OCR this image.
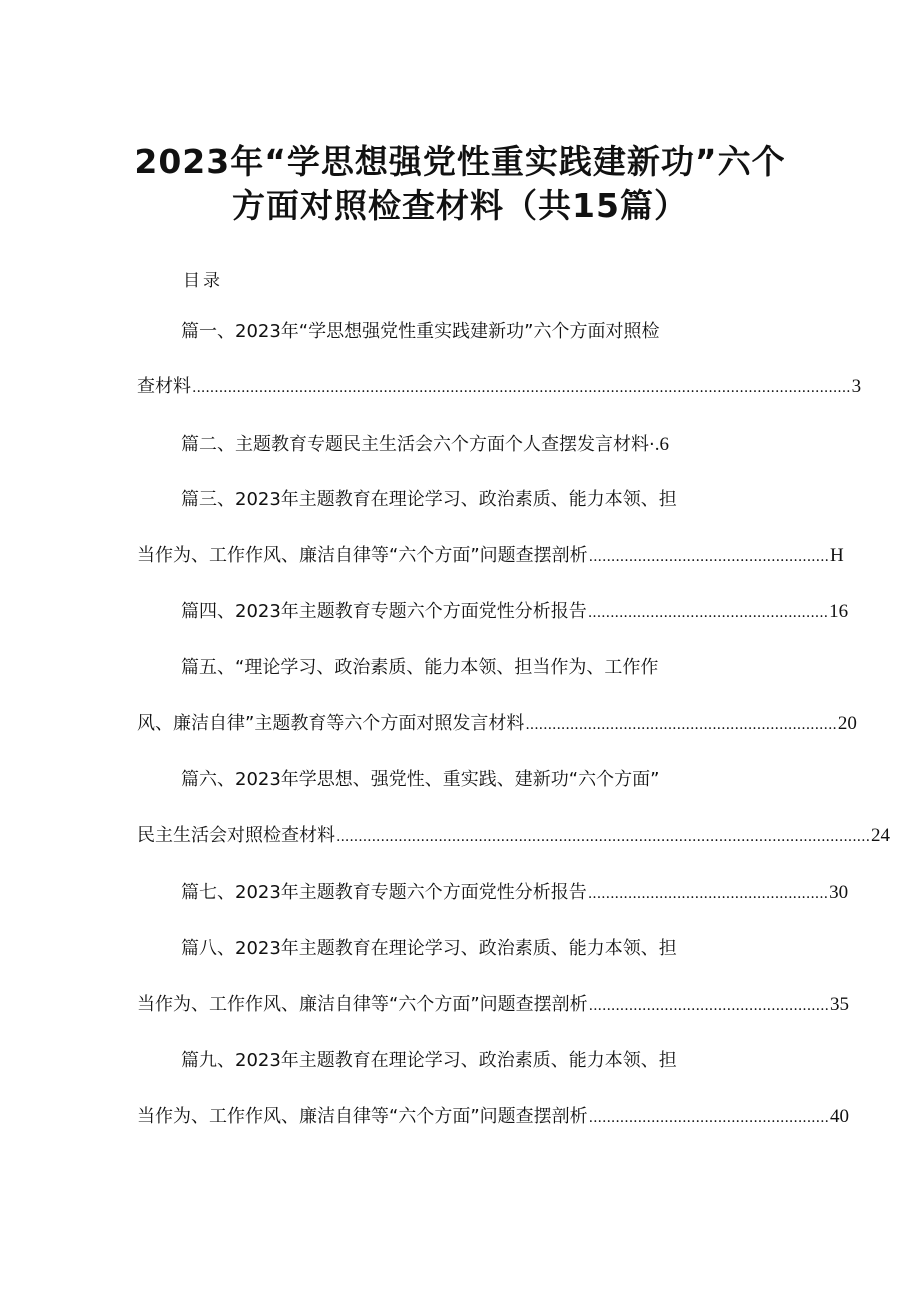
2023年“学思想强党性重实践建新功”六个
方面对照检查材料（共15篇）
目录
篇一、2023年“学思想强党性重实践建新功”六个方面对照检
查材料 .................................................................................................................................................... 3
篇二、主题教育专题民主生活会六个方面个人查摆发言材料· .6
篇三、2023年主题教育在理论学习、政治素质、能力本领、担
当作为、工作作风、廉洁自律等“六个方面”问题查摆剖析 ...................................................... H
篇四、2023年主题教育专题六个方面党性分析报告 ...................................................... 16
篇五、“理论学习、政治素质、能力本领、担当作为、工作作
风、廉洁自律”主题教育等六个方面对照发言材料 ...................................................................... 20
篇六、2023年学思想、强党性、重实践、建新功“六个方面”
民主生活会对照检查材料 ........................................................................................................................ 24
篇七、2023年主题教育专题六个方面党性分析报告 ...................................................... 30
篇八、2023年主题教育在理论学习、政治素质、能力本领、担
当作为、工作作风、廉洁自律等“六个方面”问题查摆剖析 ...................................................... 35
篇九、2023年主题教育在理论学习、政治素质、能力本领、担
当作为、工作作风、廉洁自律等“六个方面”问题查摆剖析 ...................................................... 40
